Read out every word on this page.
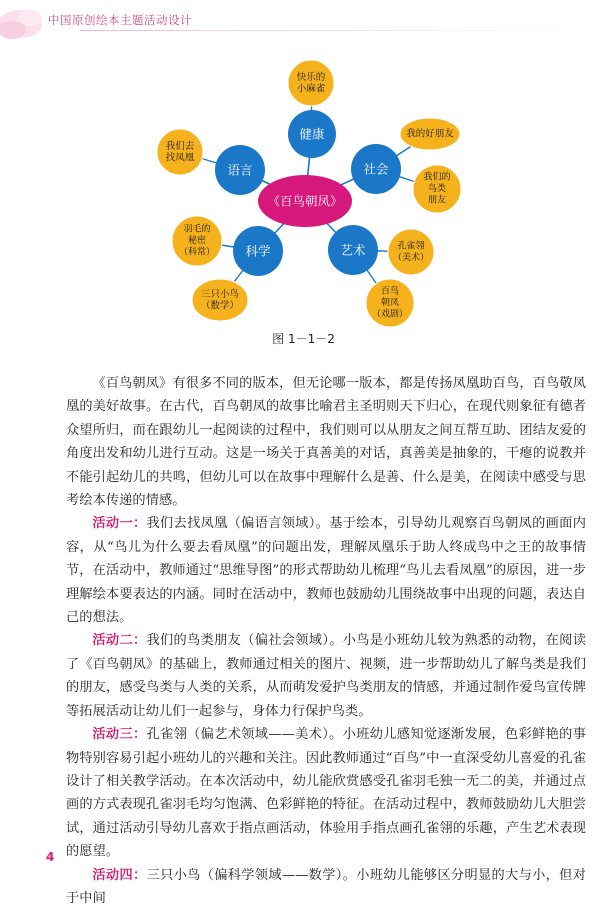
中国原创绘本主题活动设计
快乐的
小麻雀
我们去
找凤凰
我的好朋友
我们的
鸟类
朋友
羽毛的
秘密
（科常）
三只小鸟
（数学）
孔雀翎
（美术）
百鸟
朝凤
（戏剧）
健康
语言	社会
科学	艺术
《百鸟朝凤》
图 1－1－2

《百鸟朝凤》有很多不同的版本，但无论哪一版本，都是传扬凤凰助百鸟，百鸟敬凤凰的美好故事。在古代，百鸟朝凤的故事比喻君主圣明则天下归心，在现代则象征有德者众望所归，而在跟幼儿一起阅读的过程中，我们则可以从朋友之间互帮互助、团结友爱的角度出发和幼儿进行互动。这是一场关于真善美的对话，真善美是抽象的，干瘪的说教并不能引起幼儿的共鸣，但幼儿可以在故事中理解什么是善、什么是美，在阅读中感受与思考绘本传递的情感。

活动一：我们去找凤凰（偏语言领域）。基于绘本，引导幼儿观察百鸟朝凤的画面内容，从“鸟儿为什么要去看凤凰”的问题出发，理解凤凰乐于助人终成鸟中之王的故事情节，在活动中，教师通过“思维导图”的形式帮助幼儿梳理“鸟儿去看凤凰”的原因，进一步理解绘本要表达的内涵。同时在活动中，教师也鼓励幼儿围绕故事中出现的问题，表达自己的想法。

活动二：我们的鸟类朋友（偏社会领域）。小鸟是小班幼儿较为熟悉的动物，在阅读了《百鸟朝凤》的基础上，教师通过相关的图片、视频，进一步帮助幼儿了解鸟类是我们的朋友，感受鸟类与人类的关系，从而萌发爱护鸟类朋友的情感，并通过制作爱鸟宣传牌等拓展活动让幼儿们一起参与，身体力行保护鸟类。

活动三：孔雀翎（偏艺术领域——美术）。小班幼儿感知觉逐渐发展，色彩鲜艳的事物特别容易引起小班幼儿的兴趣和关注。因此教师通过“百鸟”中一直深受幼儿喜爱的孔雀设计了相关教学活动。在本次活动中，幼儿能欣赏感受孔雀羽毛独一无二的美，并通过点画的方式表现孔雀羽毛均匀饱满、色彩鲜艳的特征。在活动过程中，教师鼓励幼儿大胆尝试，通过活动引导幼儿喜欢于指点画活动，体验用手指点画孔雀翎的乐趣，产生艺术表现的愿望。

活动四：三只小鸟（偏科学领域——数学）。小班幼儿能够区分明显的大与小，但对于中间

4
